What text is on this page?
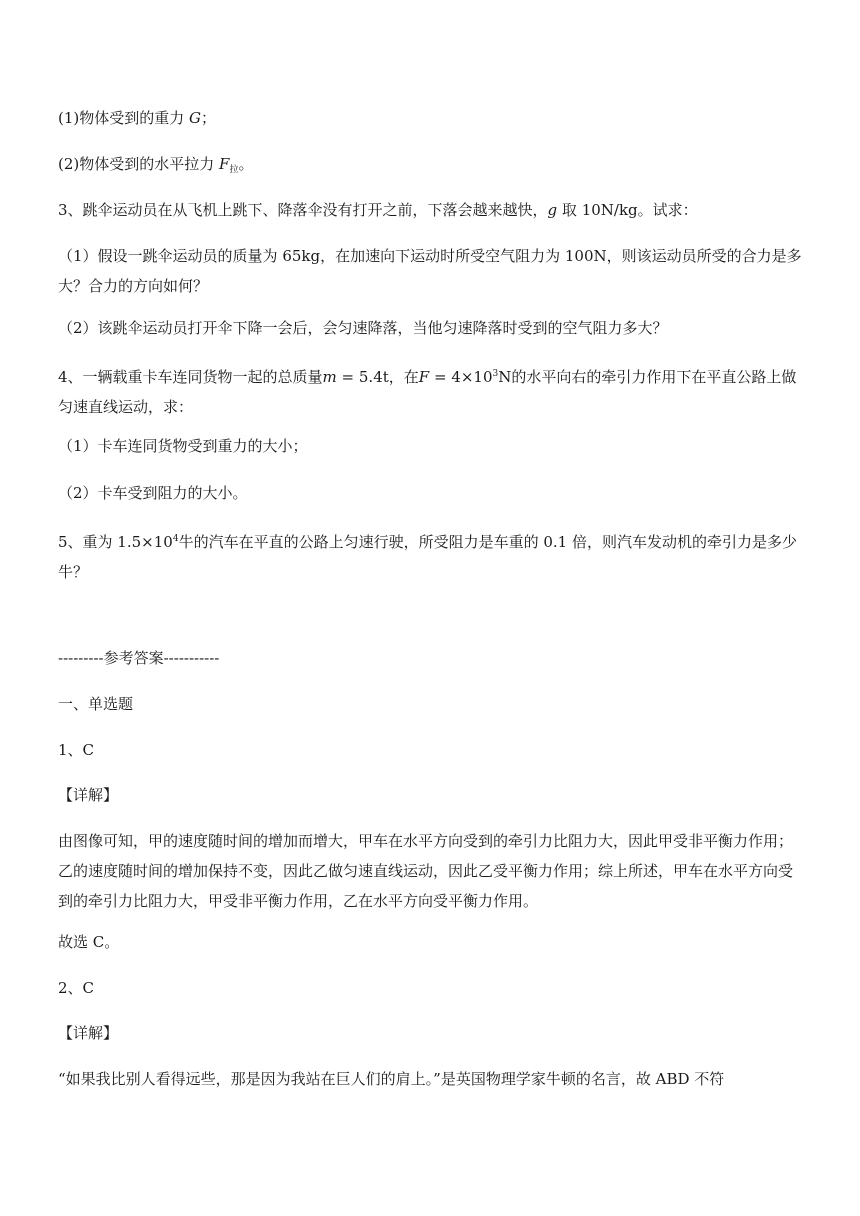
(1)物体受到的重力 G；
(2)物体受到的水平拉力 $F_拉$。
3、跳伞运动员在从飞机上跳下、降落伞没有打开之前，下落会越来越快，g 取 10N/kg。试求：
（1）假设一跳伞运动员的质量为 65kg，在加速向下运动时所受空气阻力为 100N，则该运动员所受的合力是多大？合力的方向如何？
（2）该跳伞运动员打开伞下降一会后，会匀速降落，当他匀速降落时受到的空气阻力多大？
4、一辆载重卡车连同货物一起的总质量m = 5.4t，在$F = 4\times 10^3N$的水平向右的牵引力作用下在平直公路上做匀速直线运动，求：
（1）卡车连同货物受到重力的大小；
（2）卡车受到阻力的大小。
5、重为 $1.5\times 10^4$牛的汽车在平直的公路上匀速行驶，所受阻力是车重的 0.1 倍，则汽车发动机的牵引力是多少牛？
---------参考答案-----------
一、单选题
1、C
【详解】
由图像可知，甲的速度随时间的增加而增大，甲车在水平方向受到的牵引力比阻力大，因此甲受非平衡力作用；乙的速度随时间的增加保持不变，因此乙做匀速直线运动，因此乙受平衡力作用；综上所述，甲车在水平方向受到的牵引力比阻力大，甲受非平衡力作用，乙在水平方向受平衡力作用。
故选 C。
2、C
【详解】
“如果我比别人看得远些，那是因为我站在巨人们的肩上。”是英国物理学家牛顿的名言，故 ABD 不符
